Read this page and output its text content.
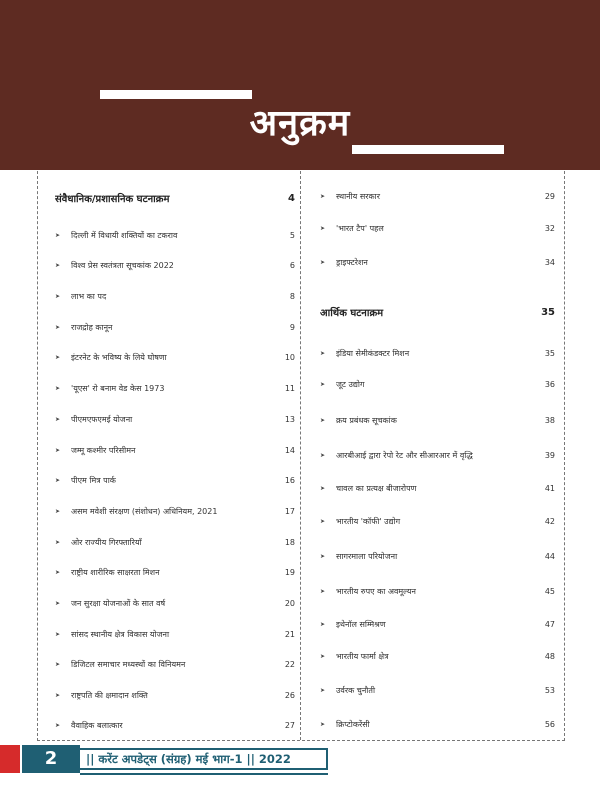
अनुक्रम
संवैधानिक/प्रशासनिक घटनाक्रम	4
➤	दिल्ली में विधायी शक्तियों का टकराव	5
➤	विश्व प्रेस स्वतंत्रता सूचकांक 2022	6
➤	लाभ का पद	8
➤	राजद्रोह कानून	9
➤	इंटरनेट के भविष्य के लिये घोषणा	10
➤	'यूएस' रो बनाम वेड केस 1973	11
➤	पीएमएफएमई योजना	13
➤	जम्मू कश्मीर परिसीमन	14
➤	पीएम मित्र पार्क	16
➤	असम मवेशी संरक्षण (संशोधन) अधिनियम, 2021	17
➤	ओर राज्यीय गिरफ्तारियाँ	18
➤	राष्ट्रीय शारीरिक साक्षरता मिशन	19
➤	जन सुरक्षा योजनाओं के सात वर्ष	20
➤	सांसद स्थानीय क्षेत्र विकास योजना	21
➤	डिजिटल समाचार मध्यस्थों का विनियमन	22
➤	राष्ट्रपति की क्षमादान शक्ति	26
➤	वैवाहिक बलात्कार	27
➤	स्थानीय सरकार	29
➤	'भारत टैप' पहल	32
➤	ड्राइफ्टरेशन	34
आर्थिक घटनाक्रम	35
➤	इंडिया सेमीकंडक्टर मिशन	35
➤	जूट उद्योग	36
➤	क्रय प्रबंधक सूचकांक	38
➤	आरबीआई द्वारा रेपो रेट और सीआरआर में वृद्धि	39
➤	चावल का प्रत्यक्ष बीजारोपण	41
➤	भारतीय 'कॉफी' उद्योग	42
➤	सागरमाला परियोजना	44
➤	भारतीय रुपए का अवमूल्यन	45
➤	इथेनॉल सम्मिश्रण	47
➤	भारतीय फार्मा क्षेत्र	48
➤	उर्वरक चुनौती	53
➤	क्रिप्टोकरेंसी	56
2	|| करेंट अपडेट्स (संग्रह) मई भाग-1 || 2022
